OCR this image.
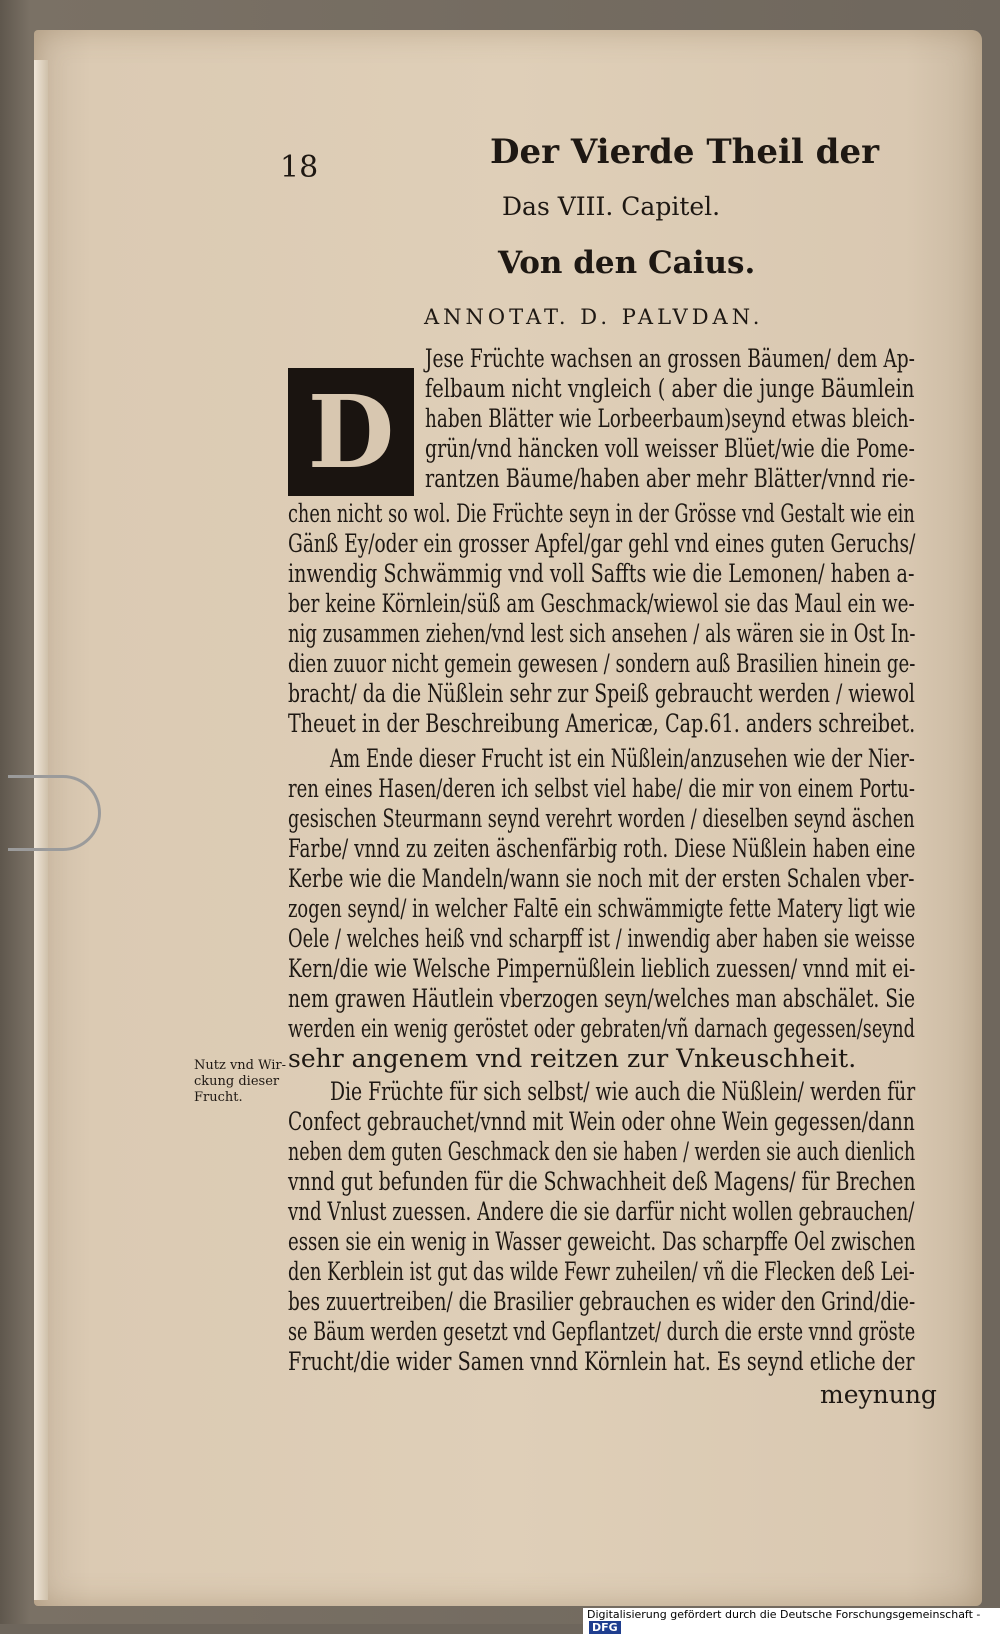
18	Der Vierde Theil der
Das VIII. Capitel.
Von den Caius.
ANNOTAT. D. PALVDAN.
D
Jese Früchte wachsen an grossen Bäumen/ dem Ap-
felbaum nicht vngleich ( aber die junge Bäumlein
haben Blätter wie Lorbeerbaum)seynd etwas bleich-
grün/vnd häncken voll weisser Blüet/wie die Pome-
rantzen Bäume/haben aber mehr Blätter/vnnd rie-
chen nicht so wol. Die Früchte seyn in der Grösse vnd Gestalt wie ein
Gänß Ey/oder ein grosser Apfel/gar gehl vnd eines guten Geruchs/
inwendig Schwämmig vnd voll Saffts wie die Lemonen/ haben a-
ber keine Körnlein/süß am Geschmack/wiewol sie das Maul ein we-
nig zusammen ziehen/vnd lest sich ansehen / als wären sie in Ost In-
dien zuuor nicht gemein gewesen / sondern auß Brasilien hinein ge-
bracht/ da die Nüßlein sehr zur Speiß gebraucht werden / wiewol
Theuet in der Beschreibung Americæ, Cap.61. anders schreibet.
Am Ende dieser Frucht ist ein Nüßlein/anzusehen wie der Nier-
ren eines Hasen/deren ich selbst viel habe/ die mir von einem Portu-
gesischen Steurmann seynd verehrt worden / dieselben seynd äschen
Farbe/ vnnd zu zeiten äschenfärbig roth. Diese Nüßlein haben eine
Kerbe wie die Mandeln/wann sie noch mit der ersten Schalen vber-
zogen seynd/ in welcher Faltē ein schwämmigte fette Matery ligt wie
Oele / welches heiß vnd scharpff ist / inwendig aber haben sie weisse
Kern/die wie Welsche Pimpernüßlein lieblich zuessen/ vnnd mit ei-
nem grawen Häutlein vberzogen seyn/welches man abschälet. Sie
werden ein wenig geröstet oder gebraten/vñ darnach gegessen/seynd
sehr angenem vnd reitzen zur Vnkeuschheit.
Nutz vnd Wir-
ckung dieser
Frucht.	Die Früchte für sich selbst/ wie auch die Nüßlein/ werden für
Confect gebrauchet/vnnd mit Wein oder ohne Wein gegessen/dann
neben dem guten Geschmack den sie haben / werden sie auch dienlich
vnnd gut befunden für die Schwachheit deß Magens/ für Brechen
vnd Vnlust zuessen. Andere die sie darfür nicht wollen gebrauchen/
essen sie ein wenig in Wasser geweicht. Das scharpffe Oel zwischen
den Kerblein ist gut das wilde Fewr zuheilen/ vñ die Flecken deß Lei-
bes zuuertreiben/ die Brasilier gebrauchen es wider den Grind/die-
se Bäum werden gesetzt vnd Gepflantzet/ durch die erste vnnd gröste
Frucht/die wider Samen vnnd Körnlein hat. Es seynd etliche der
meynung
Digitalisierung gefördert durch die Deutsche Forschungsgemeinschaft -DFG
